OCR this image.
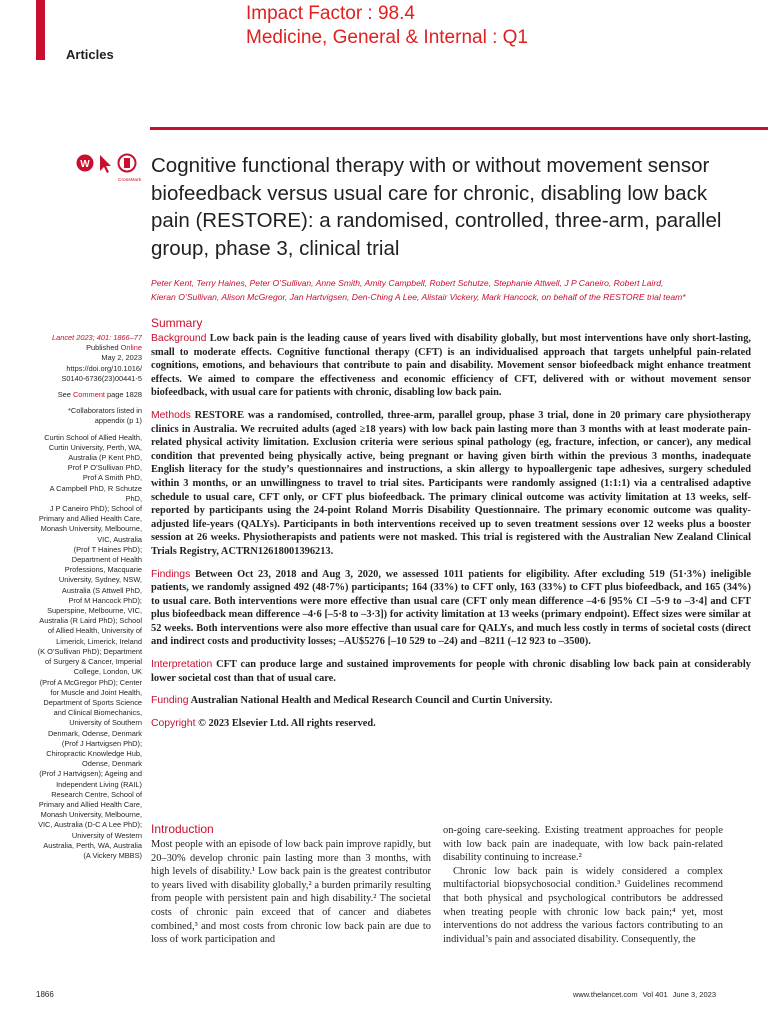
Articles
Impact Factor : 98.4
Medicine, General & Internal : Q1
W
CrossMark
Cognitive functional therapy with or without movement sensor biofeedback versus usual care for chronic, disabling low back pain (RESTORE): a randomised, controlled, three-arm, parallel group, phase 3, clinical trial
Peter Kent, Terry Haines, Peter O’Sullivan, Anne Smith, Amity Campbell, Robert Schutze, Stephanie Attwell, J P Caneiro, Robert Laird,
Kieran O’Sullivan, Alison McGregor, Jan Hartvigsen, Den-Ching A Lee, Alistair Vickery, Mark Hancock, on behalf of the RESTORE trial team*
Lancet 2023; 401: 1866–77
Published Online
May 2, 2023
https://doi.org/10.1016/
S0140-6736(23)00441-5
See Comment page 1828
*Collaborators listed in
appendix (p 1)
Curtin School of Allied Health,
Curtin University, Perth, WA,
Australia (P Kent PhD,
Prof P O’Sullivan PhD,
Prof A Smith PhD,
A Campbell PhD, R Schutze PhD,
J P Caneiro PhD); School of
Primary and Allied Health Care,
Monash University, Melbourne,
VIC, Australia
(Prof T Haines PhD);
Department of Health
Professions, Macquarie
University, Sydney, NSW,
Australia (S Attwell PhD,
Prof M Hancock PhD);
Superspine, Melbourne, VIC,
Australia (R Laird PhD); School
of Allied Health, University of
Limerick, Limerick, Ireland
(K O’Sullivan PhD); Department
of Surgery & Cancer, Imperial
College, London, UK
(Prof A McGregor PhD); Center
for Muscle and Joint Health,
Department of Sports Science
and Clinical Biomechanics,
University of Southern
Denmark, Odense, Denmark
(Prof J Hartvigsen PhD);
Chiropractic Knowledge Hub,
Odense, Denmark
(Prof J Hartvigsen); Ageing and
Independent Living (RAIL)
Research Centre, School of
Primary and Allied Health Care,
Monash University, Melbourne,
VIC, Australia (D-C A Lee PhD);
University of Western
Australia, Perth, WA, Australia
(A Vickery MBBS)
Summary

Background Low back pain is the leading cause of years lived with disability globally, but most interventions have only short-lasting, small to moderate effects. Cognitive functional therapy (CFT) is an individualised approach that targets unhelpful pain-related cognitions, emotions, and behaviours that contribute to pain and disability. Movement sensor biofeedback might enhance treatment effects. We aimed to compare the effectiveness and economic efficiency of CFT, delivered with or without movement sensor biofeedback, with usual care for patients with chronic, disabling low back pain.

Methods RESTORE was a randomised, controlled, three-arm, parallel group, phase 3 trial, done in 20 primary care physiotherapy clinics in Australia. We recruited adults (aged ≥18 years) with low back pain lasting more than 3 months with at least moderate pain-related physical activity limitation. Exclusion criteria were serious spinal pathology (eg, fracture, infection, or cancer), any medical condition that prevented being physically active, being pregnant or having given birth within the previous 3 months, inadequate English literacy for the study’s questionnaires and instructions, a skin allergy to hypoallergenic tape adhesives, surgery scheduled within 3 months, or an unwillingness to travel to trial sites. Participants were randomly assigned (1:1:1) via a centralised adaptive schedule to usual care, CFT only, or CFT plus biofeedback. The primary clinical outcome was activity limitation at 13 weeks, self-reported by participants using the 24-point Roland Morris Disability Questionnaire. The primary economic outcome was quality-adjusted life-years (QALYs). Participants in both interventions received up to seven treatment sessions over 12 weeks plus a booster session at 26 weeks. Physiotherapists and patients were not masked. This trial is registered with the Australian New Zealand Clinical Trials Registry, ACTRN12618001396213.

Findings Between Oct 23, 2018 and Aug 3, 2020, we assessed 1011 patients for eligibility. After excluding 519 (51·3%) ineligible patients, we randomly assigned 492 (48·7%) participants; 164 (33%) to CFT only, 163 (33%) to CFT plus biofeedback, and 165 (34%) to usual care. Both interventions were more effective than usual care (CFT only mean difference –4·6 [95% CI –5·9 to –3·4] and CFT plus biofeedback mean difference –4·6 [–5·8 to –3·3]) for activity limitation at 13 weeks (primary endpoint). Effect sizes were similar at 52 weeks. Both interventions were also more effective than usual care for QALYs, and much less costly in terms of societal costs (direct and indirect costs and productivity losses; –AU$5276 [–10 529 to –24) and –8211 (–12 923 to –3500).

Interpretation CFT can produce large and sustained improvements for people with chronic disabling low back pain at considerably lower societal cost than that of usual care.

Funding Australian National Health and Medical Research Council and Curtin University.

Copyright © 2023 Elsevier Ltd. All rights reserved.

Introduction

Most people with an episode of low back pain improve rapidly, but 20–30% develop chronic pain lasting more than 3 months, with high levels of disability.¹ Low back pain is the greatest contributor to years lived with disability globally,² a burden primarily resulting from people with persistent pain and high disability.² The societal costs of chronic pain exceed that of cancer and diabetes combined,³ and most costs from chronic low back pain are due to loss of work participation and

on-going care-seeking. Existing treatment approaches for people with low back pain are inadequate, with low back pain-related disability continuing to increase.²

Chronic low back pain is widely considered a complex multifactorial biopsychosocial condition.³ Guidelines recommend that both physical and psychological contributors be addressed when treating people with chronic low back pain;⁴ yet, most interventions do not address the various factors contributing to an individual’s pain and associated disability. Consequently, the

1866	www.thelancet.com Vol 401 June 3, 2023
